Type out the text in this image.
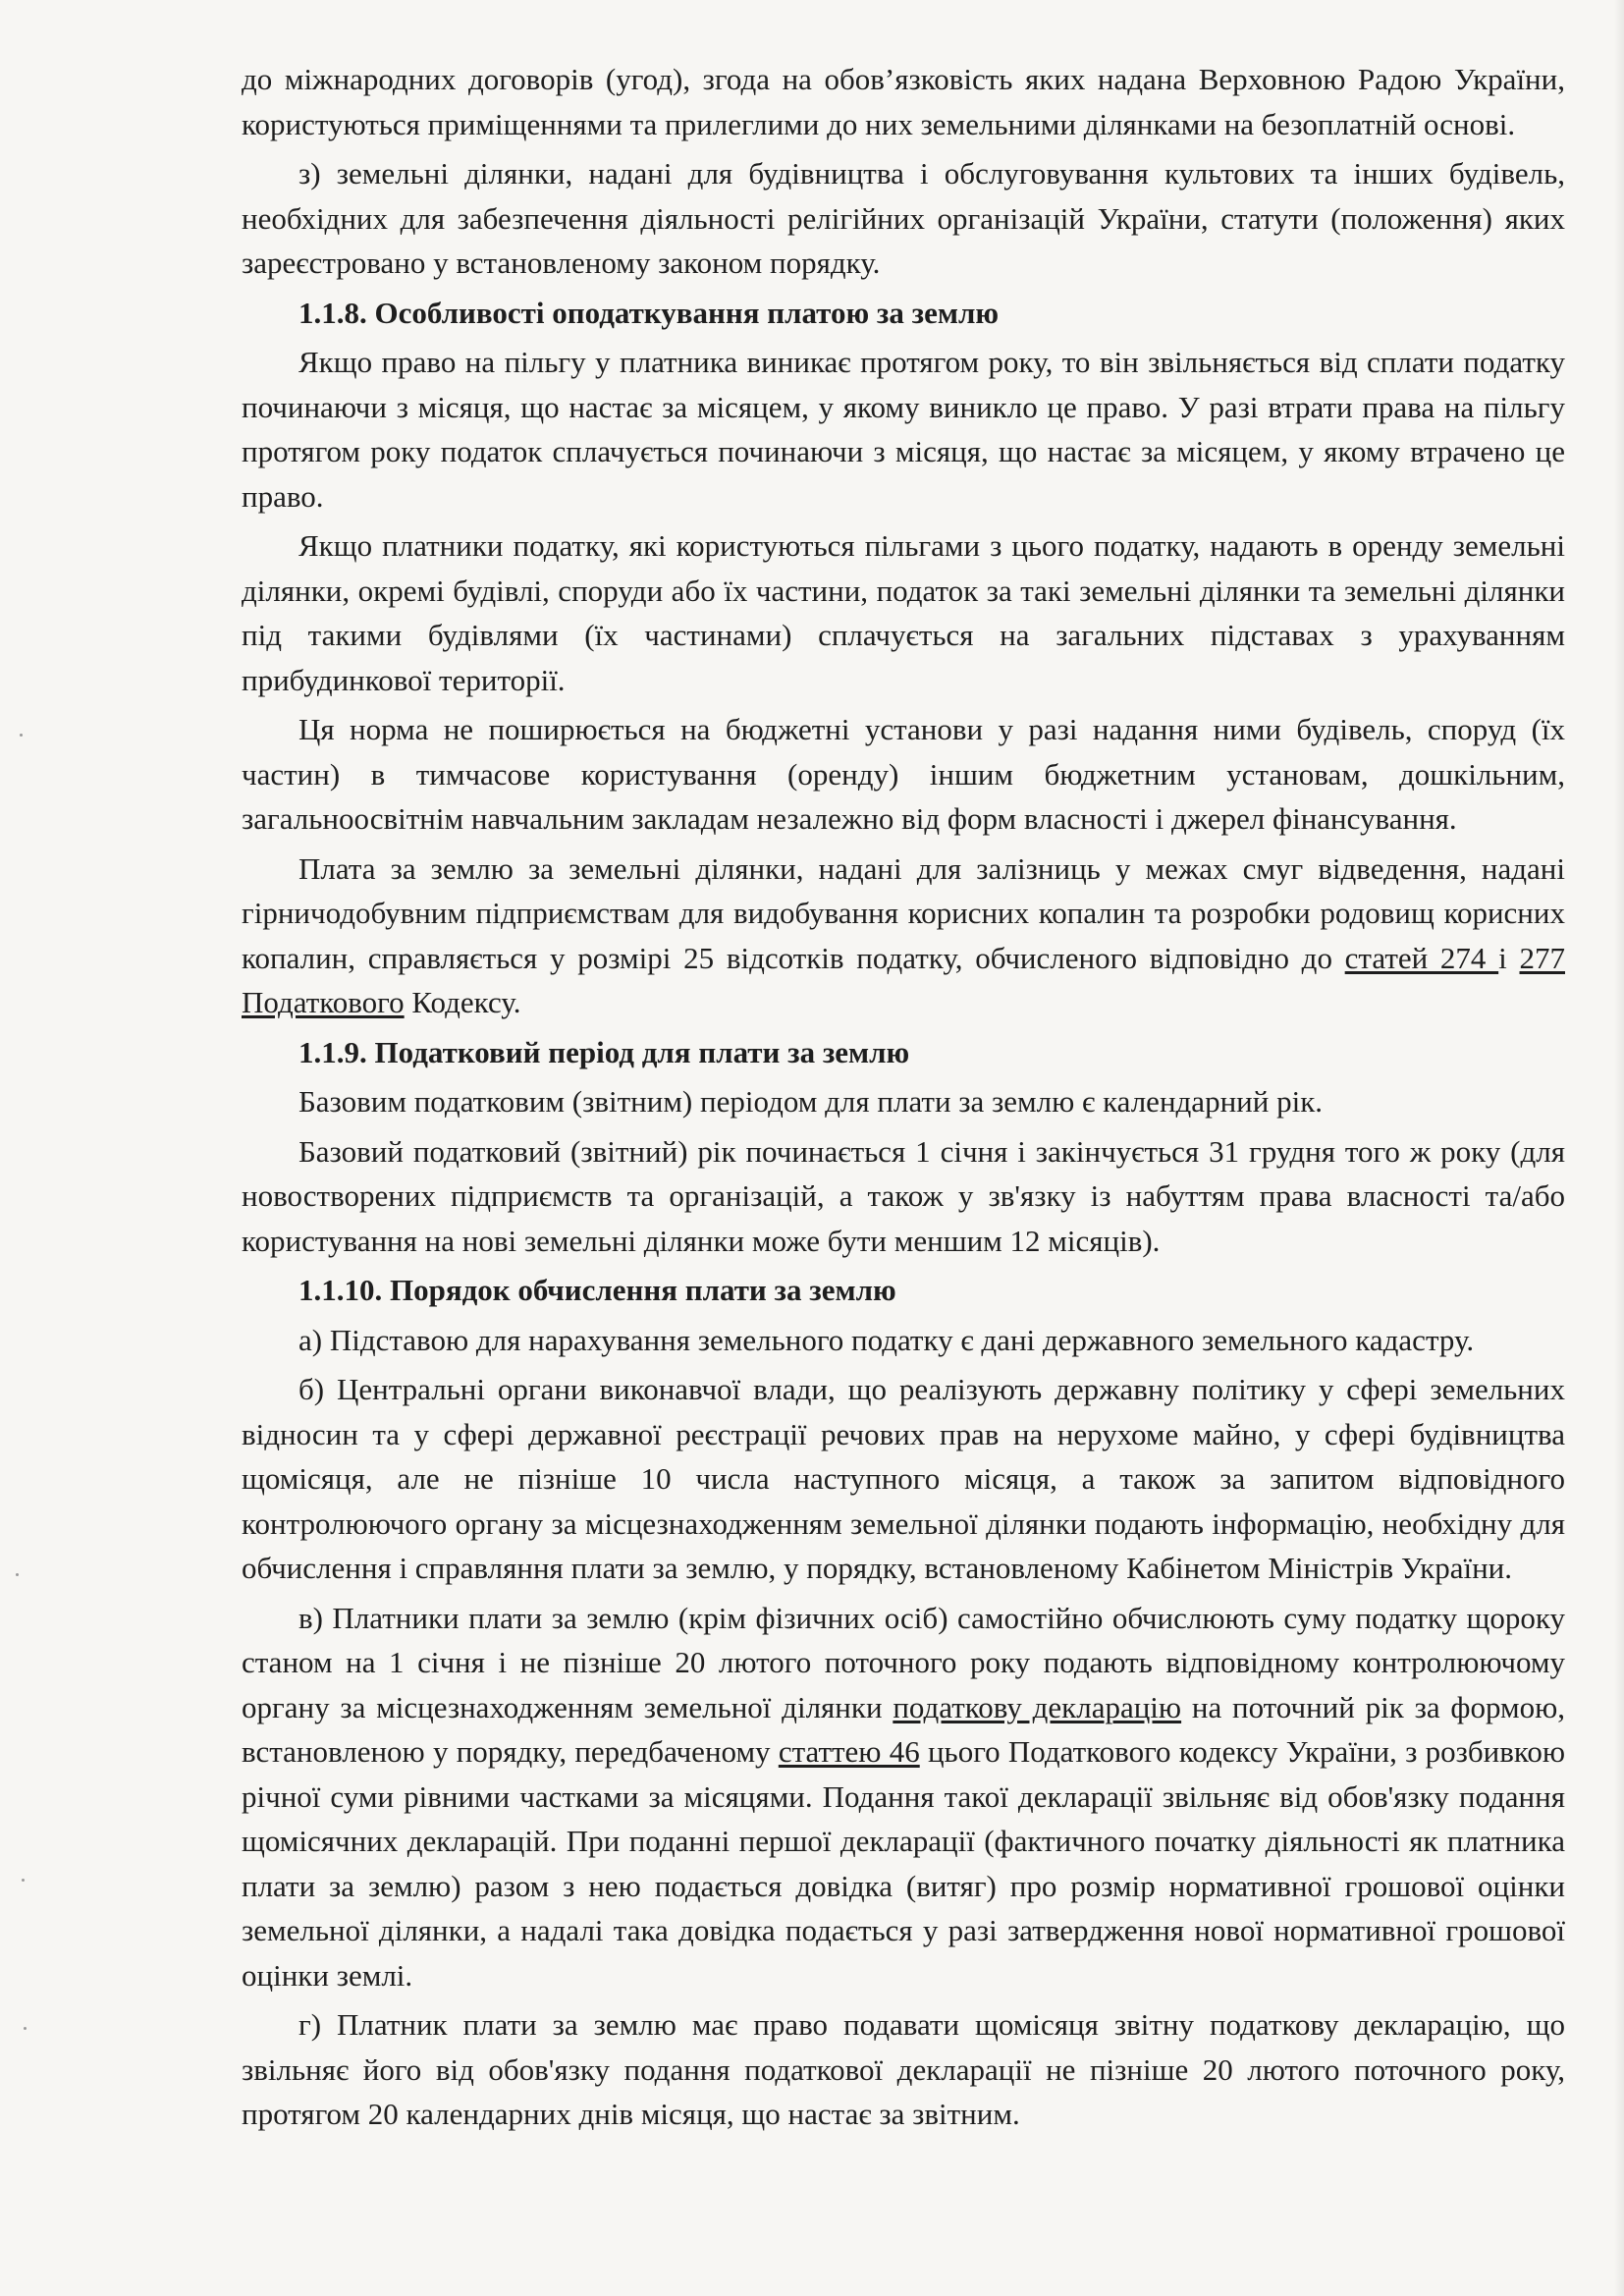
до міжнародних договорів (угод), згода на обов’язковість яких надана Верховною Радою України, користуються приміщеннями та прилеглими до них земельними ділянками на безоплатній основі.

з) земельні ділянки, надані для будівництва і обслуговування культових та інших будівель, необхідних для забезпечення діяльності релігійних організацій України, статути (положення) яких зареєстровано у встановленому законом порядку.

1.1.8. Особливості оподаткування платою за землю

Якщо право на пільгу у платника виникає протягом року, то він звільняється від сплати податку починаючи з місяця, що настає за місяцем, у якому виникло це право. У разі втрати права на пільгу протягом року податок сплачується починаючи з місяця, що настає за місяцем, у якому втрачено це право.

Якщо платники податку, які користуються пільгами з цього податку, надають в оренду земельні ділянки, окремі будівлі, споруди або їх частини, податок за такі земельні ділянки та земельні ділянки під такими будівлями (їх частинами) сплачується на загальних підставах з урахуванням прибудинкової території.

Ця норма не поширюється на бюджетні установи у разі надання ними будівель, споруд (їх частин) в тимчасове користування (оренду) іншим бюджетним установам, дошкільним, загальноосвітнім навчальним закладам незалежно від форм власності і джерел фінансування.

Плата за землю за земельні ділянки, надані для залізниць у межах смуг відведення, надані гірничодобувним підприємствам для видобування корисних копалин та розробки родовищ корисних копалин, справляється у розмірі 25 відсотків податку, обчисленого відповідно до статей 274 і 277 Податкового Кодексу.

1.1.9. Податковий період для плати за землю

Базовим податковим (звітним) періодом для плати за землю є календарний рік.

Базовий податковий (звітний) рік починається 1 січня і закінчується 31 грудня того ж року (для новостворених підприємств та організацій, а також у зв'язку із набуттям права власності та/або користування на нові земельні ділянки може бути меншим 12 місяців).

1.1.10. Порядок обчислення плати за землю

а) Підставою для нарахування земельного податку є дані державного земельного кадастру.

б) Центральні органи виконавчої влади, що реалізують державну політику у сфері земельних відносин та у сфері державної реєстрації речових прав на нерухоме майно, у сфері будівництва щомісяця, але не пізніше 10 числа наступного місяця, а також за запитом відповідного контролюючого органу за місцезнаходженням земельної ділянки подають інформацію, необхідну для обчислення і справляння плати за землю, у порядку, встановленому Кабінетом Міністрів України.

в) Платники плати за землю (крім фізичних осіб) самостійно обчислюють суму податку щороку станом на 1 січня і не пізніше 20 лютого поточного року подають відповідному контролюючому органу за місцезнаходженням земельної ділянки податкову декларацію на поточний рік за формою, встановленою у порядку, передбаченому статтею 46 цього Податкового кодексу України, з розбивкою річної суми рівними частками за місяцями. Подання такої декларації звільняє від обов'язку подання щомісячних декларацій. При поданні першої декларації (фактичного початку діяльності як платника плати за землю) разом з нею подається довідка (витяг) про розмір нормативної грошової оцінки земельної ділянки, а надалі така довідка подається у разі затвердження нової нормативної грошової оцінки землі.

г) Платник плати за землю має право подавати щомісяця звітну податкову декларацію, що звільняє його від обов'язку подання податкової декларації не пізніше 20 лютого поточного року, протягом 20 календарних днів місяця, що настає за звітним.
